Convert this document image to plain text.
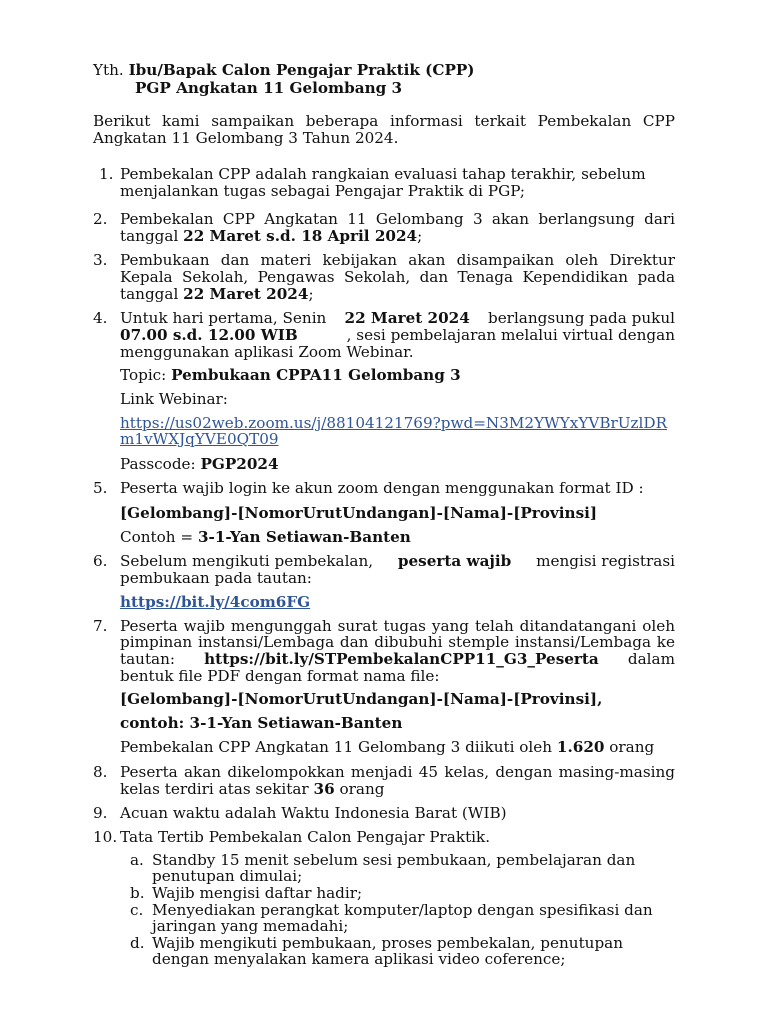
Yth. Ibu/Bapak Calon Pengajar Praktik (CPP)
PGP Angkatan 11 Gelombang 3
Berikut kami sampaikan beberapa informasi terkait Pembekalan CPP
Angkatan 11 Gelombang 3 Tahun 2024.
1. Pembekalan CPP adalah rangkaian evaluasi tahap terakhir, sebelum
menjalankan tugas sebagai Pengajar Praktik di PGP;
2. Pembekalan CPP Angkatan 11 Gelombang 3 akan berlangsung dari
tanggal 22 Maret s.d. 18 April 2024;
3. Pembukaan dan materi kebijakan akan disampaikan oleh Direktur
Kepala Sekolah, Pengawas Sekolah, dan Tenaga Kependidikan pada
tanggal 22 Maret 2024;
4. Untuk hari pertama, Senin 22 Maret 2024 berlangsung pada pukul
07.00 s.d. 12.00 WIB	, sesi pembelajaran melalui virtual dengan
menggunakan aplikasi Zoom Webinar.
Topic: Pembukaan CPPA11 Gelombang 3
Link Webinar:
https://us02web.zoom.us/j/88104121769?pwd=N3M2YWYxYVBrUzlDR
m1vWXJqYVE0QT09
Passcode: PGP2024
5. Peserta wajib login ke akun zoom dengan menggunakan format ID :
[Gelombang]-[NomorUrutUndangan]-[Nama]-[Provinsi]
Contoh = 3-1-Yan Setiawan-Banten
6. Sebelum mengikuti pembekalan, peserta wajib mengisi registrasi
pembukaan pada tautan:
https://bit.ly/4com6FG
7. Peserta wajib mengunggah surat tugas yang telah ditandatangani oleh
pimpinan instansi/Lembaga dan dibubuhi stemple instansi/Lembaga ke
tautan: https://bit.ly/STPembekalanCPP11_G3_Peserta dalam
bentuk file PDF dengan format nama file:
[Gelombang]-[NomorUrutUndangan]-[Nama]-[Provinsi],
contoh: 3-1-Yan Setiawan-Banten
Pembekalan CPP Angkatan 11 Gelombang 3 diikuti oleh 1.620 orang
8. Peserta akan dikelompokkan menjadi 45 kelas, dengan masing-masing
kelas terdiri atas sekitar 36 orang
9. Acuan waktu adalah Waktu Indonesia Barat (WIB)
10. Tata Tertib Pembekalan Calon Pengajar Praktik.
a. Standby 15 menit sebelum sesi pembukaan, pembelajaran dan
penutupan dimulai;
b. Wajib mengisi daftar hadir;
c. Menyediakan perangkat komputer/laptop dengan spesifikasi dan
jaringan yang memadahi;
d. Wajib mengikuti pembukaan, proses pembekalan, penutupan
dengan menyalakan kamera aplikasi video coference;
